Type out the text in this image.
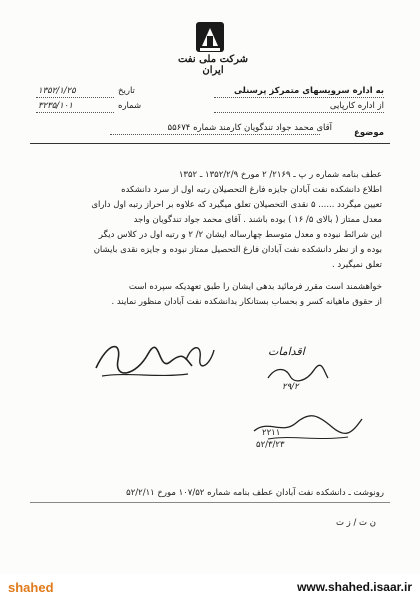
شرکت ملی نفت ایران
تاریخ
۱۳۵۲/۱/۲۵
شماره
۳۲۳۵/۱۰۱
به اداره سرویسهای متمرکز پرسنلی
از اداره کارپایی
موضوع
آقای محمد جواد تندگویان کارمند شماره ۵۵۶۷۴
عطف بنامه شماره ر پ ـ ۲۱۶۹/ ۲ مورخ ۱۳۵۲/۲/۹ ـ ۱۳۵۲
اطلاع دانشکده نفت آبادان جایزه فارغ التحصیلان رتبه اول از سرد دانشکده
تعیین میگردد ...... ۵ نقدی التحصیلان تعلق میگیرد که علاوه بر احراز رتبه اول دارای
معدل ممتاز ( بالای ۵/ ۱۶ ) بوده باشند . آقای محمد جواد تندگویان واجد
این شرائط نبوده و معدل متوسط چهارساله ایشان ۲/ ۲ و رتبه اول در کلاس دیگر
بوده و از نظر دانشکده نفت آبادان فارغ التحصیل ممتاز نبوده و جایزه نقدی بایشان
تعلق نمیگیرد .
خواهشمند است مقرر فرمائید بدهی ایشان را طبق تعهدیکه سپرده است
از حقوق ماهیانه کسر و بحساب بستانکار بدانشکده نفت آبادان منظور نمایند .
اقدامات
۲۹/۲
۲۲۱۱
۵۲/۳/۲۳
رونوشت ـ دانشکده نفت آبادان عطف بنامه شماره ۱۰۷/۵۲ مورخ ۵۲/۲/۱۱
ن ت / ز ت
shahed	www.shahed.isaar.ir
